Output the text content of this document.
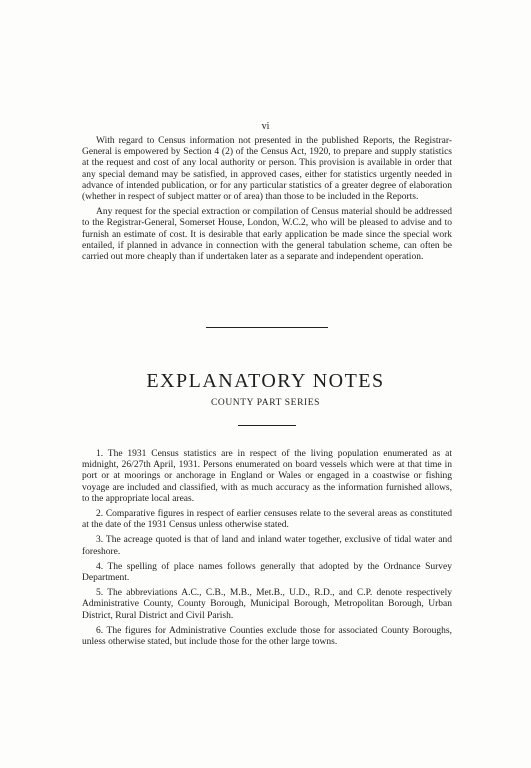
vi

With regard to Census information not presented in the published Reports, the Registrar-General is empowered by Section 4 (2) of the Census Act, 1920, to prepare and supply statistics at the request and cost of any local authority or person. This provision is available in order that any special demand may be satisfied, in approved cases, either for statistics urgently needed in advance of intended publication, or for any particular statistics of a greater degree of elaboration (whether in respect of subject matter or of area) than those to be included in the Reports.

Any request for the special extraction or compilation of Census material should be addressed to the Registrar-General, Somerset House, London, W.C.2, who will be pleased to advise and to furnish an estimate of cost. It is desirable that early application be made since the special work entailed, if planned in advance in connection with the general tabulation scheme, can often be carried out more cheaply than if undertaken later as a separate and independent operation.

EXPLANATORY NOTES
COUNTY PART SERIES

1. The 1931 Census statistics are in respect of the living population enumerated as at midnight, 26/27th April, 1931. Persons enumerated on board vessels which were at that time in port or at moorings or anchorage in England or Wales or engaged in a coastwise or fishing voyage are included and classified, with as much accuracy as the information furnished allows, to the appropriate local areas.

2. Comparative figures in respect of earlier censuses relate to the several areas as constituted at the date of the 1931 Census unless otherwise stated.

3. The acreage quoted is that of land and inland water together, exclusive of tidal water and foreshore.

4. The spelling of place names follows generally that adopted by the Ordnance Survey Department.

5. The abbreviations A.C., C.B., M.B., Met.B., U.D., R.D., and C.P. denote respectively Administrative County, County Borough, Municipal Borough, Metropolitan Borough, Urban District, Rural District and Civil Parish.

6. The figures for Administrative Counties exclude those for associated County Boroughs, unless otherwise stated, but include those for the other large towns.
